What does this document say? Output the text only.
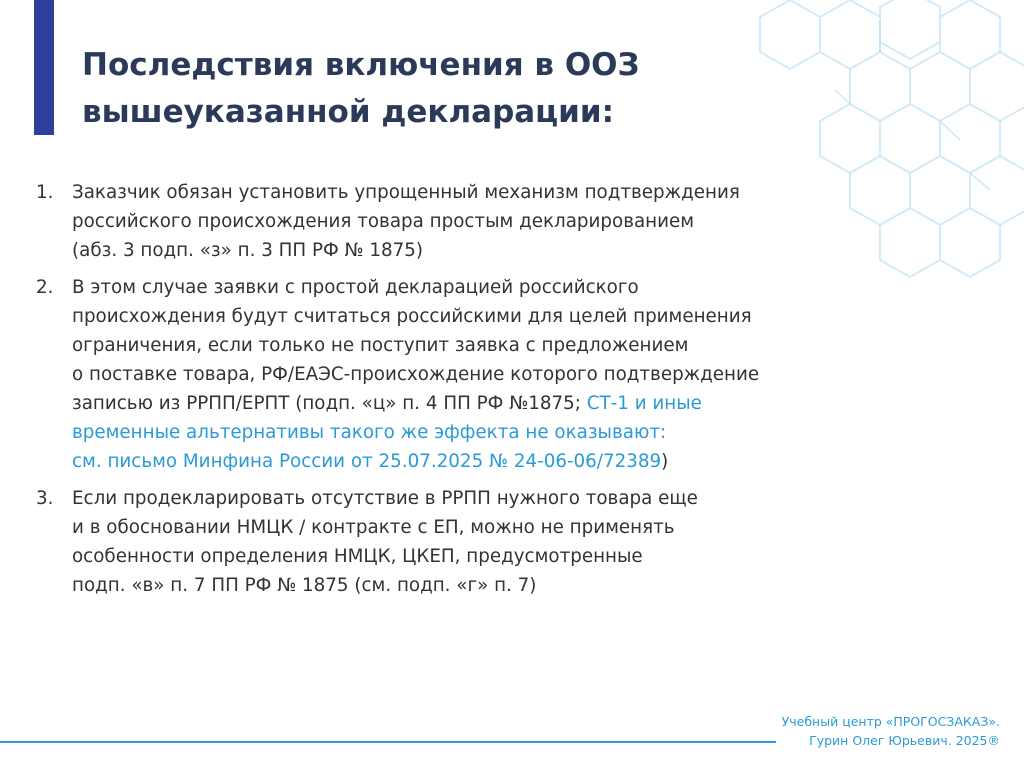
Последствия включения в ООЗ
вышеуказанной декларации:
1. Заказчик обязан установить упрощенный механизм подтверждения
российского происхождения товара простым декларированием
(абз. 3 подп. «з» п. 3 ПП РФ № 1875)
2. В этом случае заявки с простой декларацией российского
происхождения будут считаться российскими для целей применения
ограничения, если только не поступит заявка с предложением
о поставке товара, РФ/ЕАЭС-происхождение которого подтверждение
записью из РРПП/ЕРПТ (подп. «ц» п. 4 ПП РФ №1875; СТ-1 и иные
временные альтернативы такого же эффекта не оказывают:
см. письмо Минфина России от 25.07.2025 № 24-06-06/72389)
3. Если продекларировать отсутствие в РРПП нужного товара еще
и в обосновании НМЦК / контракте с ЕП, можно не применять
особенности определения НМЦК, ЦКЕП, предусмотренные
подп. «в» п. 7 ПП РФ № 1875 (см. подп. «г» п. 7)
Учебный центр «ПРОГОСЗАКАЗ».
Гурин Олег Юрьевич. 2025®
